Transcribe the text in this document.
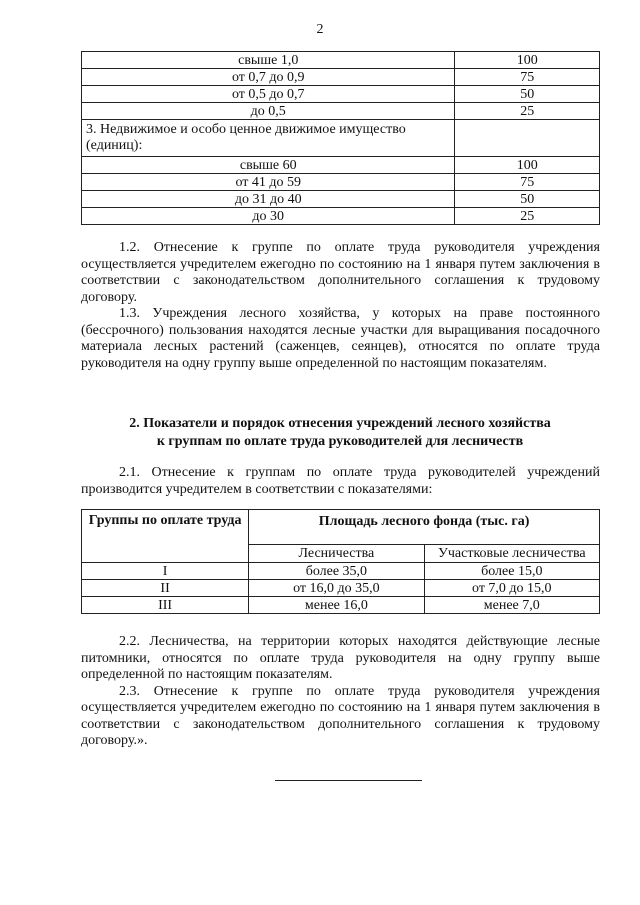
2
свыше 1,0	100
от 0,7 до 0,9	75
от 0,5 до 0,7	50
до 0,5	25
3. Недвижимое и особо ценное движимое имущество (единиц):	
свыше 60	100
от 41 до 59	75
до 31 до 40	50
до 30	25

1.2. Отнесение к группе по оплате труда руководителя учреждения осуществляется учредителем ежегодно по состоянию на 1 января путем заключения в соответствии с законодательством дополнительного соглашения к трудовому договору.

1.3. Учреждения лесного хозяйства, у которых на праве постоянного (бессрочного) пользования находятся лесные участки для выращивания посадочного материала лесных растений (саженцев, сеянцев), относятся по оплате труда руководителя на одну группу выше определенной по настоящим показателям.

2. Показатели и порядок отнесения учреждений лесного хозяйства
к группам по оплате труда руководителей для лесничеств

2.1. Отнесение к группам по оплате труда руководителей учреждений производится учредителем в соответствии с показателями:

Группы по оплате труда	Площадь лесного фонда (тыс. га)	
	Лесничества	Участковые лесничества
I	более 35,0	более 15,0
II	от 16,0 до 35,0	от 7,0 до 15,0
III	менее 16,0	менее 7,0

2.2. Лесничества, на территории которых находятся действующие лесные питомники, относятся по оплате труда руководителя на одну группу выше определенной по настоящим показателям.

2.3. Отнесение к группе по оплате труда руководителя учреждения осуществляется учредителем ежегодно по состоянию на 1 января путем заключения в соответствии с законодательством дополнительного соглашения к трудовому договору.».
